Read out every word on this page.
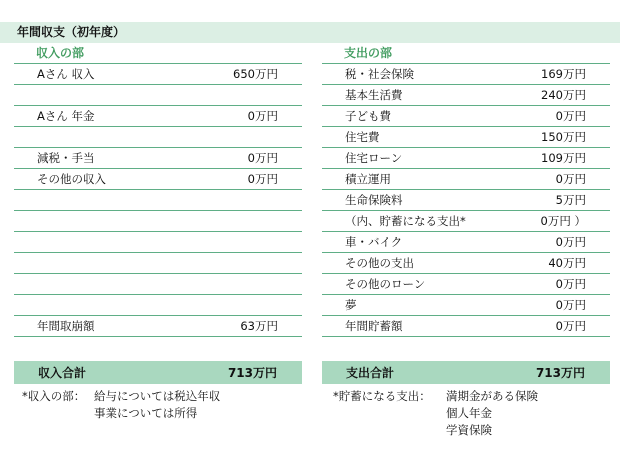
年間収支（初年度）
収入の部
Aさん 収入	650万円
Aさん 年金	0万円
減税・手当	0万円
その他の収入	0万円
年間取崩額	63万円
支出の部
税・社会保険	169万円
基本生活費	240万円
子ども費	0万円
住宅費	150万円
住宅ローン	109万円
積立運用	0万円
生命保険料	5万円
（内、貯蓄になる支出*	0万円 ）
車・バイク	0万円
その他の支出	40万円
その他のローン	0万円
夢	0万円
年間貯蓄額	0万円
収入合計	713万円	支出合計	713万円
*収入の部： 給与については税込年収
事業については所得
*貯蓄になる支出：	満期金がある保険
個人年金
学資保険
